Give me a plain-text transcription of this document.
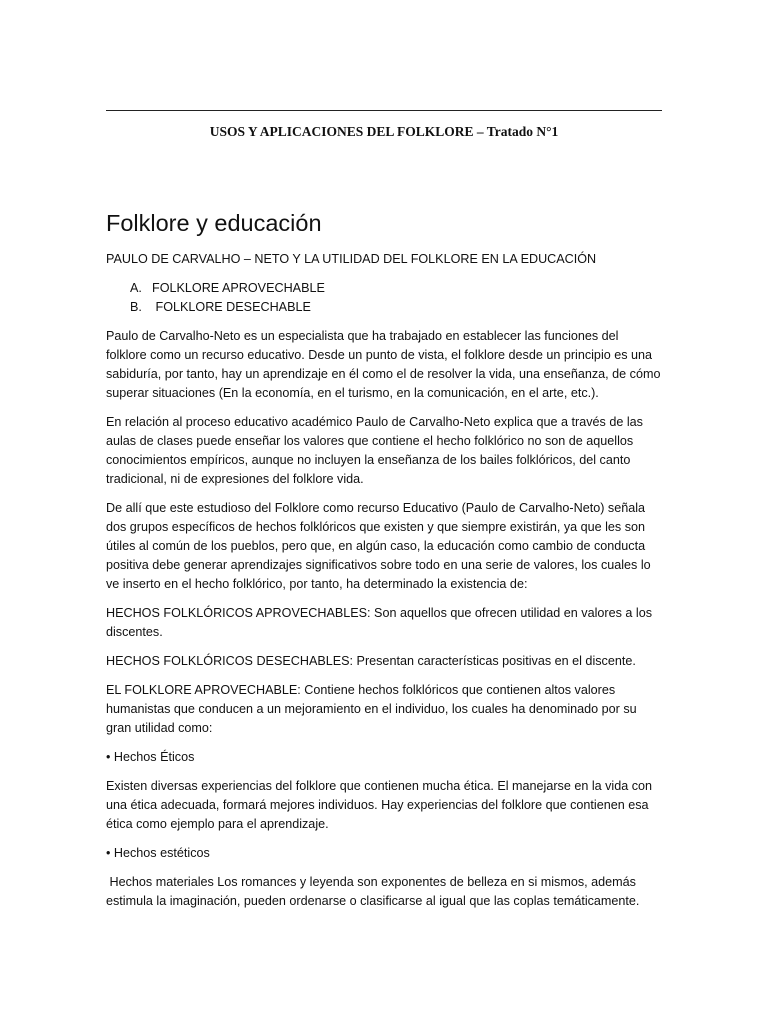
USOS Y APLICACIONES DEL FOLKLORE – Tratado N°1
Folklore y educación
PAULO DE CARVALHO – NETO Y LA UTILIDAD DEL FOLKLORE EN LA EDUCACIÓN
A. FOLKLORE APROVECHABLE
B. FOLKLORE DESECHABLE

Paulo de Carvalho-Neto es un especialista que ha trabajado en establecer las funciones del folklore como un recurso educativo. Desde un punto de vista, el folklore desde un principio es una sabiduría, por tanto, hay un aprendizaje en él como el de resolver la vida, una enseñanza, de cómo superar situaciones (En la economía, en el turismo, en la comunicación, en el arte, etc.).

En relación al proceso educativo académico Paulo de Carvalho-Neto explica que a través de las aulas de clases puede enseñar los valores que contiene el hecho folklórico no son de aquellos conocimientos empíricos, aunque no incluyen la enseñanza de los bailes folklóricos, del canto tradicional, ni de expresiones del folklore vida.

De allí que este estudioso del Folklore como recurso Educativo (Paulo de Carvalho-Neto) señala dos grupos específicos de hechos folklóricos que existen y que siempre existirán, ya que les son útiles al común de los pueblos, pero que, en algún caso, la educación como cambio de conducta positiva debe generar aprendizajes significativos sobre todo en una serie de valores, los cuales lo ve inserto en el hecho folklórico, por tanto, ha determinado la existencia de:

HECHOS FOLKLÓRICOS APROVECHABLES: Son aquellos que ofrecen utilidad en valores a los discentes.

HECHOS FOLKLÓRICOS DESECHABLES: Presentan características positivas en el discente.

EL FOLKLORE APROVECHABLE: Contiene hechos folklóricos que contienen altos valores humanistas que conducen a un mejoramiento en el individuo, los cuales ha denominado por su gran utilidad como:

• Hechos Éticos

Existen diversas experiencias del folklore que contienen mucha ética. El manejarse en la vida con una ética adecuada, formará mejores individuos. Hay experiencias del folklore que contienen esa ética como ejemplo para el aprendizaje.

• Hechos estéticos

Hechos materiales Los romances y leyenda son exponentes de belleza en si mismos, además estimula la imaginación, pueden ordenarse o clasificarse al igual que las coplas temáticamente.
